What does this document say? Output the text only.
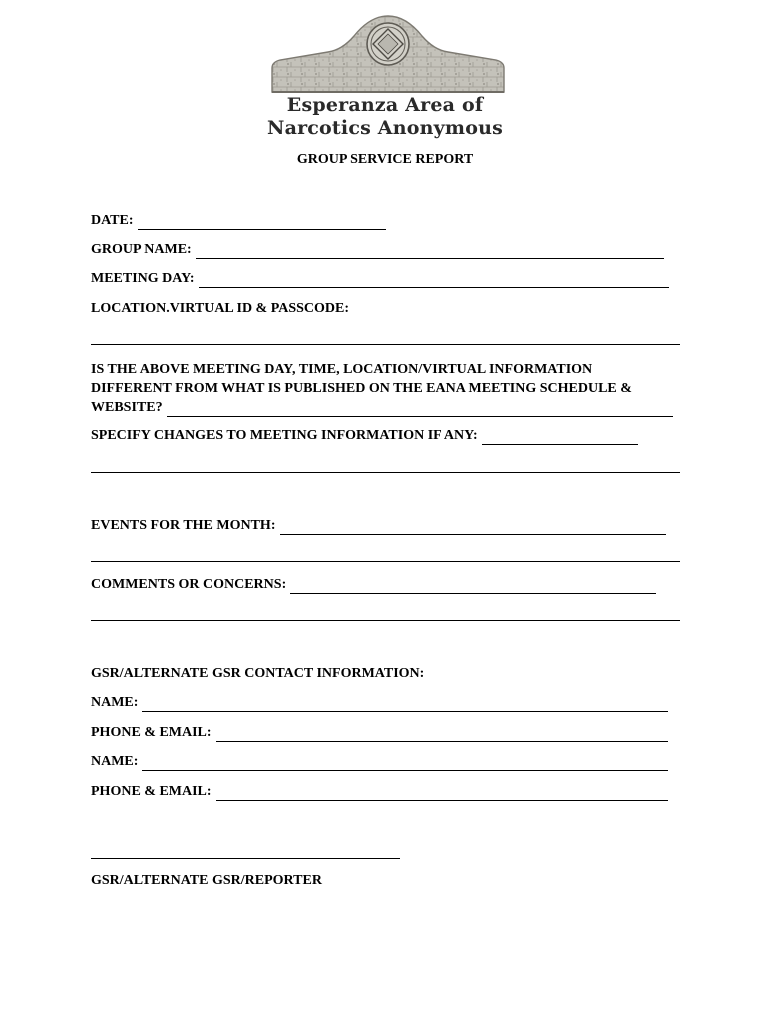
Esperanza Area of
Narcotics Anonymous
GROUP SERVICE REPORT
DATE:
GROUP NAME:
MEETING DAY:
LOCATION.VIRTUAL ID & PASSCODE:
IS THE ABOVE MEETING DAY, TIME, LOCATION/VIRTUAL INFORMATION
DIFFERENT FROM WHAT IS PUBLISHED ON THE EANA MEETING SCHEDULE &
WEBSITE?
SPECIFY CHANGES TO MEETING INFORMATION IF ANY:
EVENTS FOR THE MONTH:
COMMENTS OR CONCERNS:
GSR/ALTERNATE GSR CONTACT INFORMATION:
NAME:
PHONE & EMAIL:
NAME:
PHONE & EMAIL:
GSR/ALTERNATE GSR/REPORTER
